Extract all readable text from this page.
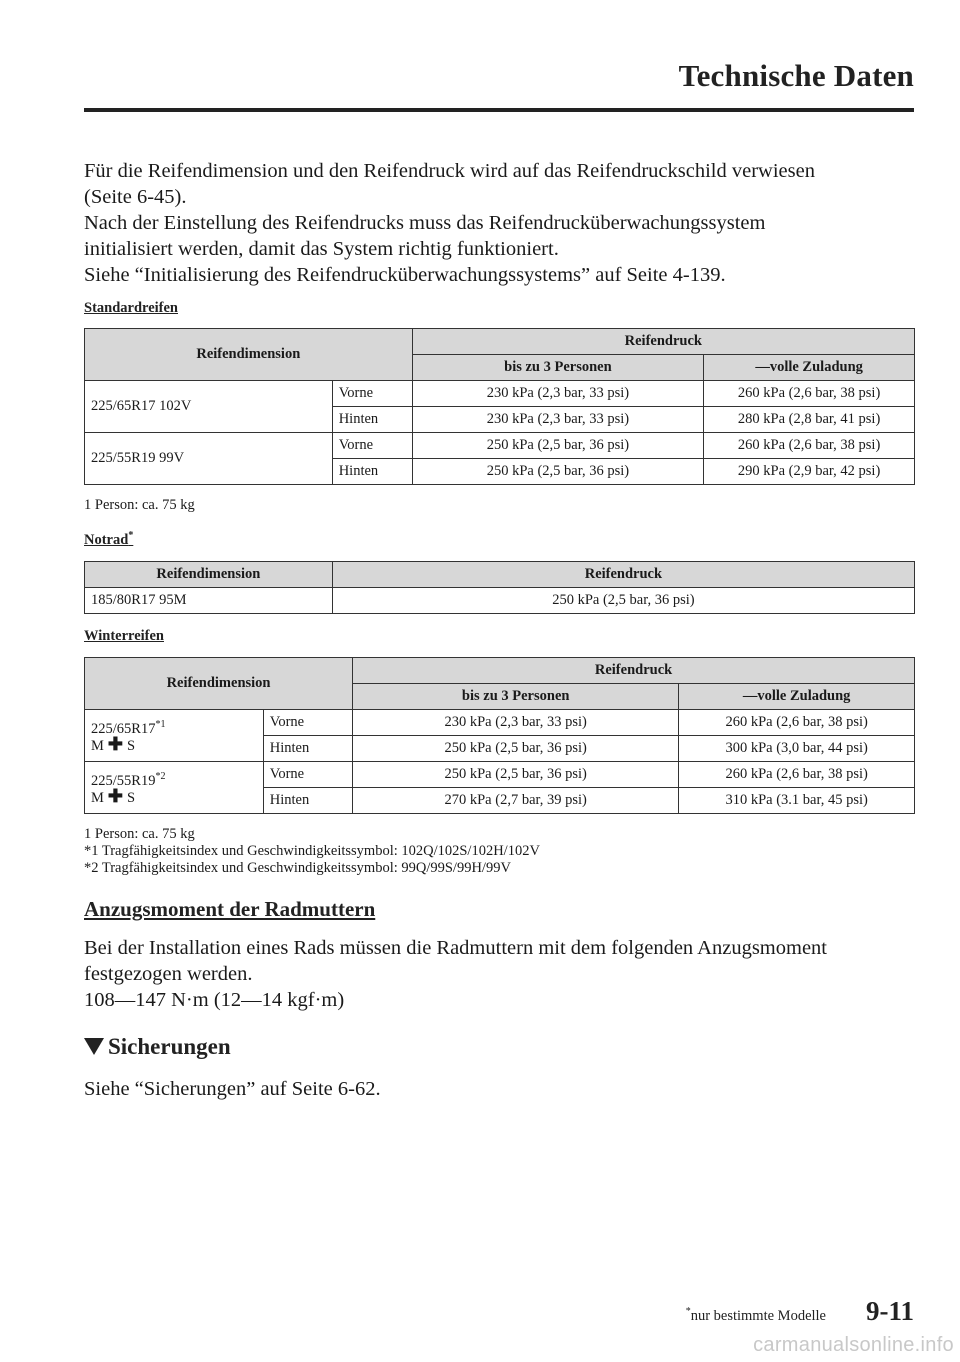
Technische Daten

Für die Reifendimension und den Reifendruck wird auf das Reifendruckschild verwiesen

(Seite 6-45).

Nach der Einstellung des Reifendrucks muss das Reifendrucküberwachungssystem

initialisiert werden, damit das System richtig funktioniert.

Siehe “Initialisierung des Reifendrucküberwachungssystems” auf Seite 4-139.

Standardreifen
Reifendimension		Reifendruck	
		bis zu 3 Personen	―volle Zuladung
225/65R17 102V	Vorne	230 kPa (2,3 bar, 33 psi)	260 kPa (2,6 bar, 38 psi)
	Hinten	230 kPa (2,3 bar, 33 psi)	280 kPa (2,8 bar, 41 psi)
225/55R19 99V	Vorne	250 kPa (2,5 bar, 36 psi)	260 kPa (2,6 bar, 38 psi)
	Hinten	250 kPa (2,5 bar, 36 psi)	290 kPa (2,9 bar, 42 psi)
1 Person: ca. 75 kg
Notrad*
Reifendimension	Reifendruck
185/80R17 95M	250 kPa (2,5 bar, 36 psi)
Winterreifen
Reifendimension		Reifendruck	
		bis zu 3 Personen	―volle Zuladung
225/65R17$^{*1}$
M ✚ S	Vorne	230 kPa (2,3 bar, 33 psi)	260 kPa (2,6 bar, 38 psi)
	Hinten	250 kPa (2,5 bar, 36 psi)	300 kPa (3,0 bar, 44 psi)
225/55R19$^{*2}$
M ✚ S	Vorne	250 kPa (2,5 bar, 36 psi)	260 kPa (2,6 bar, 38 psi)
	Hinten	270 kPa (2,7 bar, 39 psi)	310 kPa (3.1 bar, 45 psi)

1 Person: ca. 75 kg

*1 Tragfähigkeitsindex und Geschwindigkeitssymbol: 102Q/102S/102H/102V

*2 Tragfähigkeitsindex und Geschwindigkeitssymbol: 99Q/99S/99H/99V

Anzugsmoment der Radmuttern

Bei der Installation eines Rads müssen die Radmuttern mit dem folgenden Anzugsmoment

festgezogen werden.

108―147 N·m (12―14 kgf·m)

Sicherungen

Siehe “Sicherungen” auf Seite 6-62.

*nur bestimmte Modelle 9-11
carmanualsonline.info
